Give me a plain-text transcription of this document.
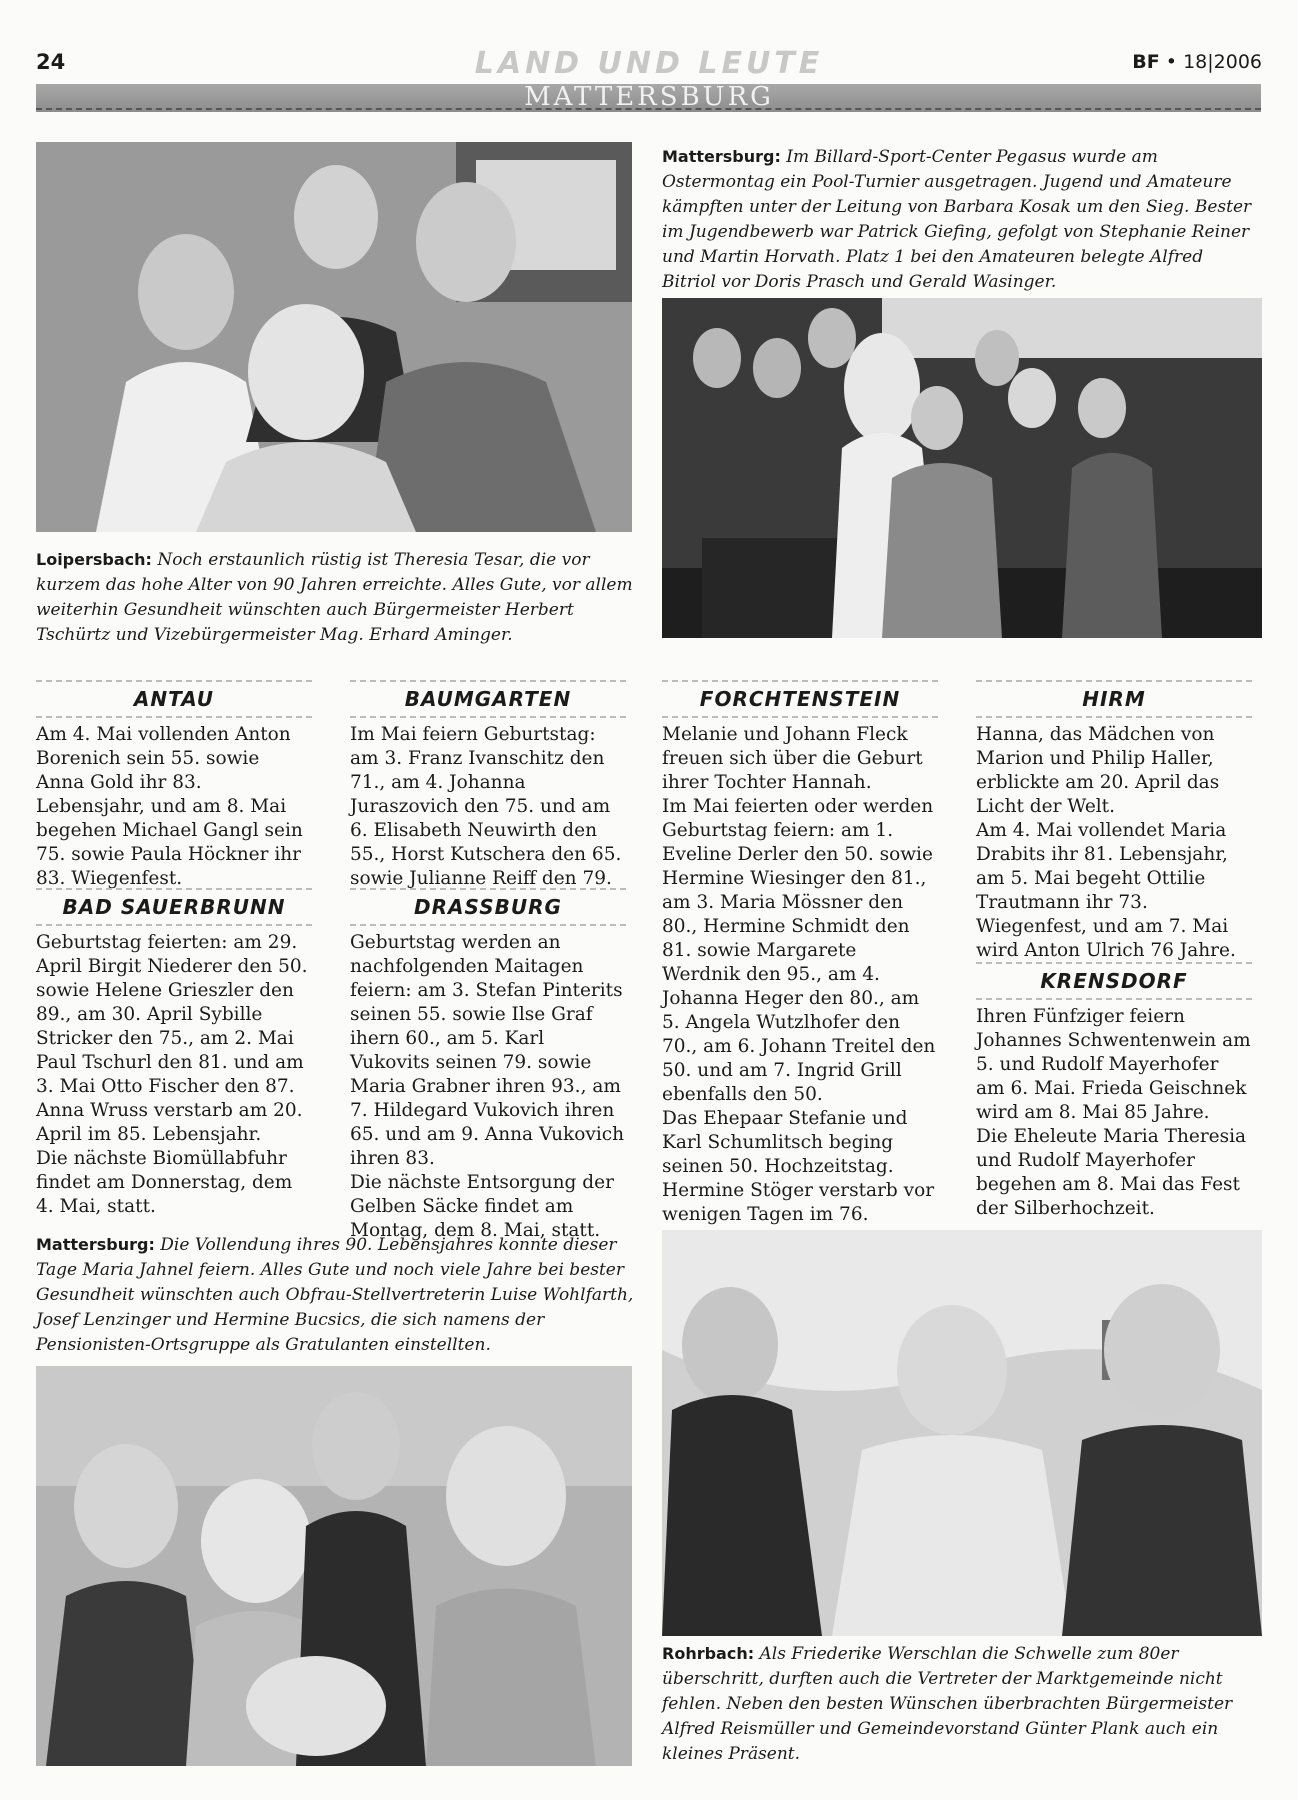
24	LAND UND LEUTE	BF • 18|2006
MATTERSBURG
Mattersburg: Im Billard-Sport-Center Pegasus wurde am Ostermontag ein Pool-Turnier ausgetragen. Jugend und Amateure kämpften unter der Leitung von Barbara Kosak um den Sieg. Bester im Jugendbewerb war Patrick Giefing, gefolgt von Stephanie Reiner und Martin Horvath. Platz 1 bei den Amateuren belegte Alfred Bitriol vor Doris Prasch und Gerald Wasinger.
Loipersbach: Noch erstaunlich rüstig ist Theresia Tesar, die vor kurzem das hohe Alter von 90 Jahren erreichte. Alles Gute, vor allem weiterhin Gesundheit wünschten auch Bürgermeister Herbert Tschürtz und Vizebürgermeister Mag. Erhard Aminger.
ANTAU

Am 4. Mai vollenden Anton Borenich sein 55. sowie Anna Gold ihr 83. Lebensjahr, und am 8. Mai begehen Michael Gangl sein 75. sowie Paula Höckner ihr 83. Wiegenfest.

BAD SAUERBRUNN

Geburtstag feierten: am 29. April Birgit Niederer den 50. sowie Helene Grieszler den 89., am 30. April Sybille Stricker den 75., am 2. Mai Paul Tschurl den 81. und am 3. Mai Otto Fischer den 87. Anna Wruss verstarb am 20. April im 85. Lebensjahr.

Die nächste Biomüllabfuhr findet am Donnerstag, dem 4. Mai, statt.

BAUMGARTEN

Im Mai feiern Geburtstag: am 3. Franz Ivanschitz den 71., am 4. Johanna Juraszovich den 75. und am 6. Elisabeth Neuwirth den 55., Horst Kutschera den 65. sowie Julianne Reiff den 79.

DRASSBURG

Geburtstag werden an nachfolgenden Maitagen feiern: am 3. Stefan Pinterits seinen 55. sowie Ilse Graf ihern 60., am 5. Karl Vukovits seinen 79. sowie Maria Grabner ihren 93., am 7. Hildegard Vukovich ihren 65. und am 9. Anna Vukovich ihren 83.

Die nächste Entsorgung der Gelben Säcke findet am Montag, dem 8. Mai, statt.

FORCHTENSTEIN

Melanie und Johann Fleck freuen sich über die Geburt ihrer Tochter Hannah.

Im Mai feierten oder werden Geburtstag feiern: am 1. Eveline Derler den 50. sowie Hermine Wiesinger den 81., am 3. Maria Mössner den 80., Hermine Schmidt den 81. sowie Margarete Werdnik den 95., am 4. Johanna Heger den 80., am 5. Angela Wutzlhofer den 70., am 6. Johann Treitel den 50. und am 7. Ingrid Grill ebenfalls den 50.

Das Ehepaar Stefanie und Karl Schumlitsch beging seinen 50. Hochzeitstag.

Hermine Stöger verstarb vor wenigen Tagen im 76.

HIRM

Hanna, das Mädchen von Marion und Philip Haller, erblickte am 20. April das Licht der Welt.

Am 4. Mai vollendet Maria Drabits ihr 81. Lebensjahr, am 5. Mai begeht Ottilie Trautmann ihr 73. Wiegenfest, und am 7. Mai wird Anton Ulrich 76 Jahre.

KRENSDORF

Ihren Fünfziger feiern Johannes Schwentenwein am 5. und Rudolf Mayerhofer am 6. Mai. Frieda Geischnek wird am 8. Mai 85 Jahre.

Die Eheleute Maria Theresia und Rudolf Mayerhofer begehen am 8. Mai das Fest der Silberhochzeit.

Mattersburg: Die Vollendung ihres 90. Lebensjahres konnte dieser Tage Maria Jahnel feiern. Alles Gute und noch viele Jahre bei bester Gesundheit wünschten auch Obfrau-Stellvertreterin Luise Wohlfarth, Josef Lenzinger und Hermine Bucsics, die sich namens der Pensionisten-Ortsgruppe als Gratulanten einstellten.
Rohrbach: Als Friederike Werschlan die Schwelle zum 80er überschritt, durften auch die Vertreter der Marktgemeinde nicht fehlen. Neben den besten Wünschen überbrachten Bürgermeister Alfred Reismüller und Gemeindevorstand Günter Plank auch ein kleines Präsent.
